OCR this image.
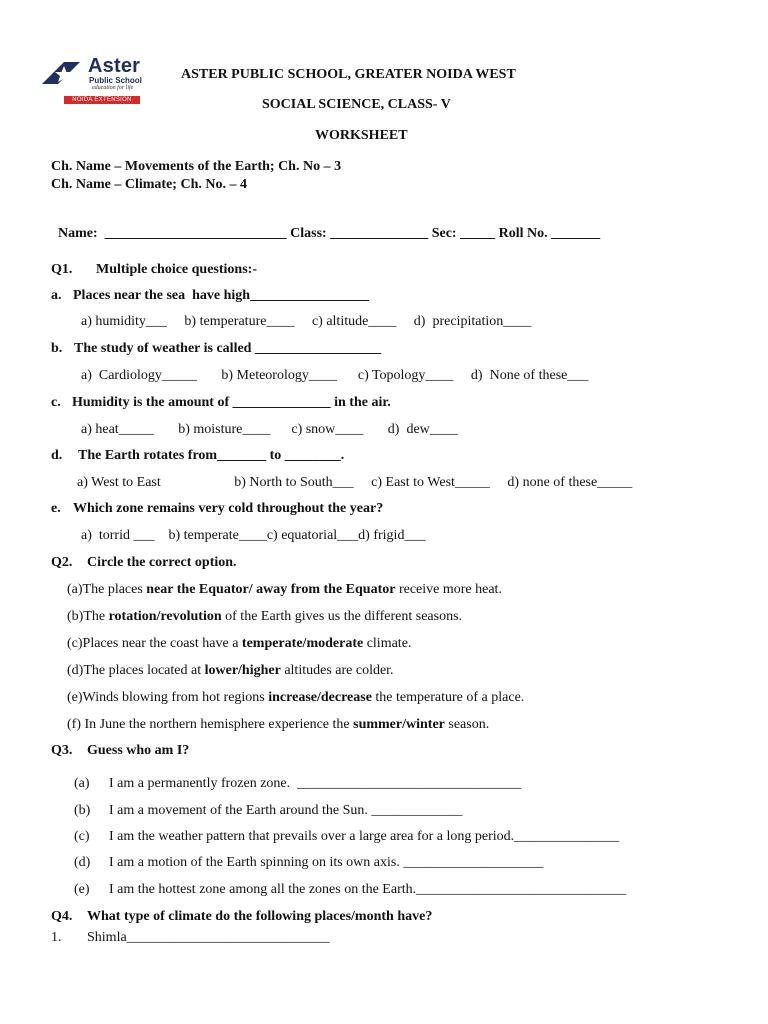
Aster
Public School
education for life
NOIDA EXTENSION
ASTER PUBLIC SCHOOL, GREATER NOIDA WEST
SOCIAL SCIENCE, CLASS- V
WORKSHEET
Ch. Name – Movements of the Earth; Ch. No – 3
Ch. Name – Climate; Ch. No. – 4
Name:  __________________________ Class: ______________ Sec: _____ Roll No. _______
Q1. Multiple choice questions:-
a. Places near the sea  have high_________________
a) humidity___     b) temperature____     c) altitude____     d)  precipitation____
b. The study of weather is called __________________
a)  Cardiology_____       b) Meteorology____      c) Topology____     d)  None of these___
c. Humidity is the amount of ______________ in the air.
a) heat_____       b) moisture____      c) snow____       d)  dew____
d. The Earth rotates from_______ to ________.
a) West to East                     b) North to South___     c) East to West_____     d) none of these_____
e. Which zone remains very cold throughout the year?
a)  torrid ___    b) temperate____c) equatorial___d) frigid___
Q2. Circle the correct option.
(a)The places near the Equator/ away from the Equator receive more heat.
(b)The rotation/revolution of the Earth gives us the different seasons.
(c)Places near the coast have a temperate/moderate climate.
(d)The places located at lower/higher altitudes are colder.
(e)Winds blowing from hot regions increase/decrease the temperature of a place.
(f) In June the northern hemisphere experience the summer/winter season.
Q3. Guess who am I?
(a) I am a permanently frozen zone.  ________________________________
(b) I am a movement of the Earth around the Sun. _____________
(c) I am the weather pattern that prevails over a large area for a long period._______________
(d) I am a motion of the Earth spinning on its own axis. ____________________
(e) I am the hottest zone among all the zones on the Earth.______________________________
Q4. What type of climate do the following places/month have?
1. Shimla_____________________________
